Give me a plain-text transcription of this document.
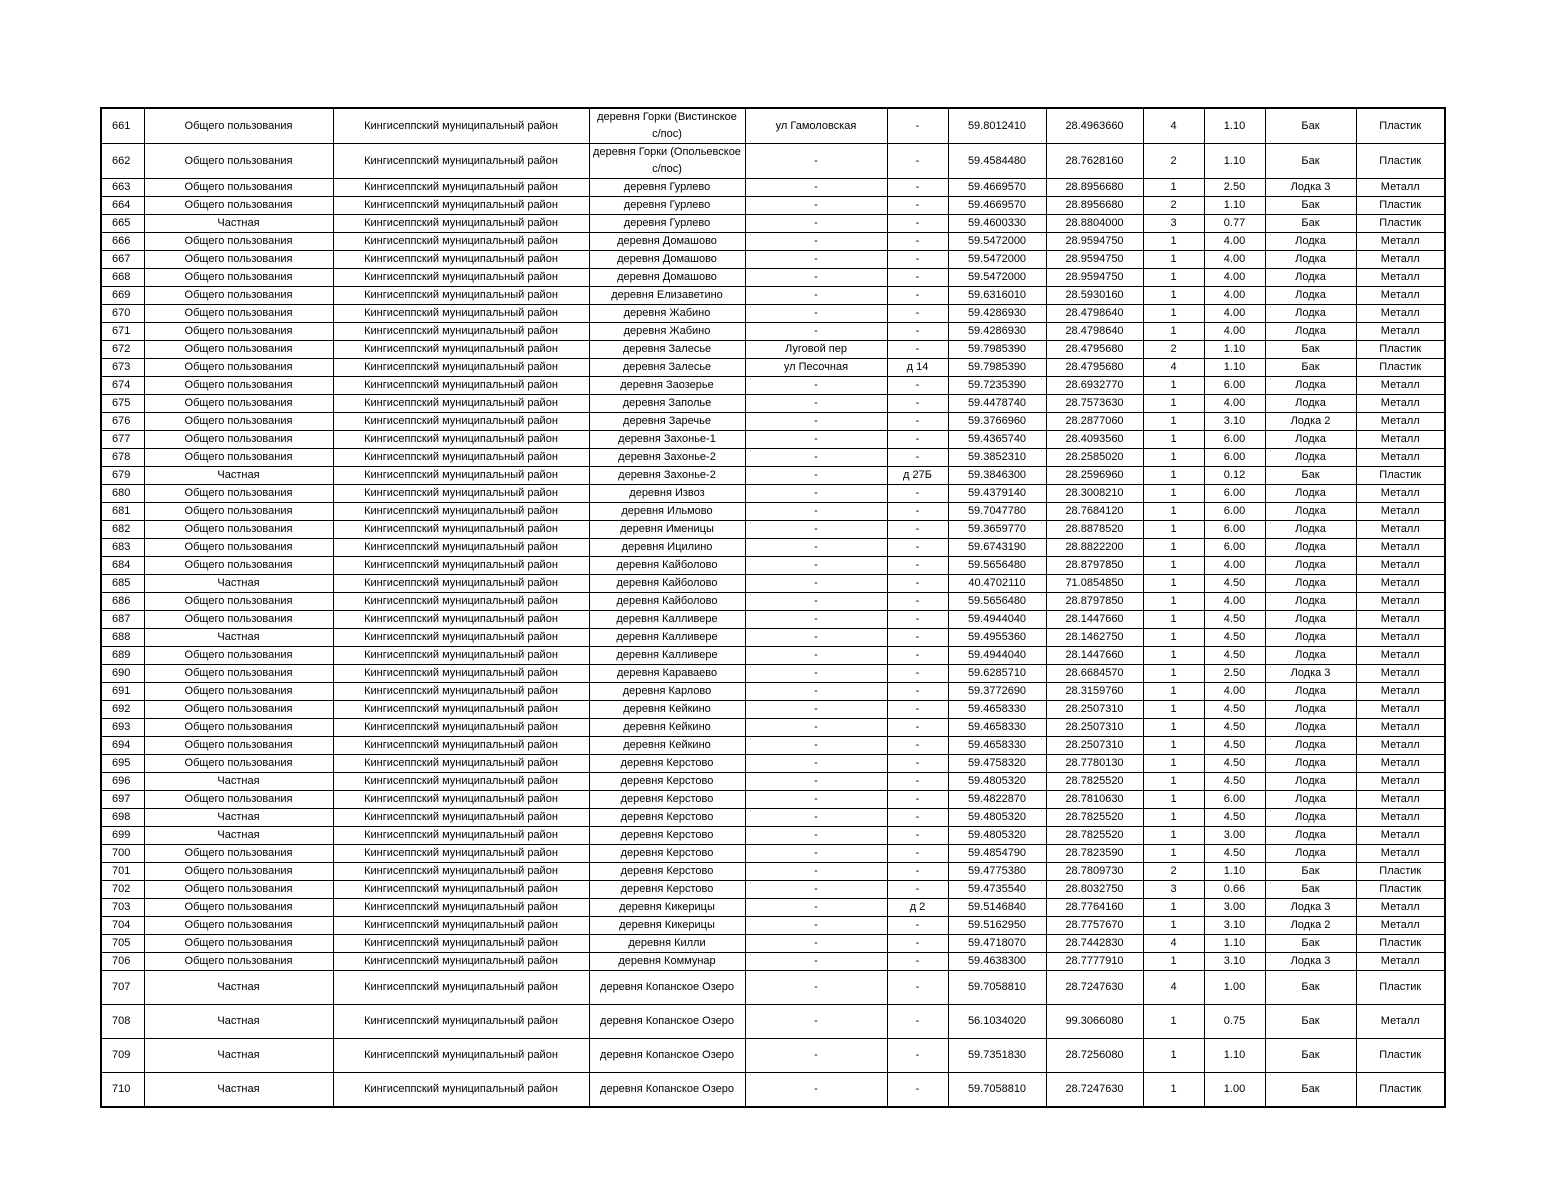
661	Общего пользования	Кингисеппский муниципальный район	деревня Горки (Вистинское с/пос)	ул Гамоловская	-	59.8012410	28.4963660	4	1.10	Бак	Пластик
662	Общего пользования	Кингисеппский муниципальный район	деревня Горки (Опольевское с/пос)	-	-	59.4584480	28.7628160	2	1.10	Бак	Пластик
663	Общего пользования	Кингисеппский муниципальный район	деревня Гурлево	-	-	59.4669570	28.8956680	1	2.50	Лодка 3	Металл
664	Общего пользования	Кингисеппский муниципальный район	деревня Гурлево	-	-	59.4669570	28.8956680	2	1.10	Бак	Пластик
665	Частная	Кингисеппский муниципальный район	деревня Гурлево	-	-	59.4600330	28.8804000	3	0.77	Бак	Пластик
666	Общего пользования	Кингисеппский муниципальный район	деревня Домашово	-	-	59.5472000	28.9594750	1	4.00	Лодка	Металл
667	Общего пользования	Кингисеппский муниципальный район	деревня Домашово	-	-	59.5472000	28.9594750	1	4.00	Лодка	Металл
668	Общего пользования	Кингисеппский муниципальный район	деревня Домашово	-	-	59.5472000	28.9594750	1	4.00	Лодка	Металл
669	Общего пользования	Кингисеппский муниципальный район	деревня Елизаветино	-	-	59.6316010	28.5930160	1	4.00	Лодка	Металл
670	Общего пользования	Кингисеппский муниципальный район	деревня Жабино	-	-	59.4286930	28.4798640	1	4.00	Лодка	Металл
671	Общего пользования	Кингисеппский муниципальный район	деревня Жабино	-	-	59.4286930	28.4798640	1	4.00	Лодка	Металл
672	Общего пользования	Кингисеппский муниципальный район	деревня Залесье	Луговой пер	-	59.7985390	28.4795680	2	1.10	Бак	Пластик
673	Общего пользования	Кингисеппский муниципальный район	деревня Залесье	ул Песочная	д 14	59.7985390	28.4795680	4	1.10	Бак	Пластик
674	Общего пользования	Кингисеппский муниципальный район	деревня Заозерье	-	-	59.7235390	28.6932770	1	6.00	Лодка	Металл
675	Общего пользования	Кингисеппский муниципальный район	деревня Заполье	-	-	59.4478740	28.7573630	1	4.00	Лодка	Металл
676	Общего пользования	Кингисеппский муниципальный район	деревня Заречье	-	-	59.3766960	28.2877060	1	3.10	Лодка 2	Металл
677	Общего пользования	Кингисеппский муниципальный район	деревня Захонье-1	-	-	59.4365740	28.4093560	1	6.00	Лодка	Металл
678	Общего пользования	Кингисеппский муниципальный район	деревня Захонье-2	-	-	59.3852310	28.2585020	1	6.00	Лодка	Металл
679	Частная	Кингисеппский муниципальный район	деревня Захонье-2	-	д 27Б	59.3846300	28.2596960	1	0.12	Бак	Пластик
680	Общего пользования	Кингисеппский муниципальный район	деревня Извоз	-	-	59.4379140	28.3008210	1	6.00	Лодка	Металл
681	Общего пользования	Кингисеппский муниципальный район	деревня Ильмово	-	-	59.7047780	28.7684120	1	6.00	Лодка	Металл
682	Общего пользования	Кингисеппский муниципальный район	деревня Именицы	-	-	59.3659770	28.8878520	1	6.00	Лодка	Металл
683	Общего пользования	Кингисеппский муниципальный район	деревня Ицилино	-	-	59.6743190	28.8822200	1	6.00	Лодка	Металл
684	Общего пользования	Кингисеппский муниципальный район	деревня Кайболово	-	-	59.5656480	28.8797850	1	4.00	Лодка	Металл
685	Частная	Кингисеппский муниципальный район	деревня Кайболово	-	-	40.4702110	71.0854850	1	4.50	Лодка	Металл
686	Общего пользования	Кингисеппский муниципальный район	деревня Кайболово	-	-	59.5656480	28.8797850	1	4.00	Лодка	Металл
687	Общего пользования	Кингисеппский муниципальный район	деревня Калливере	-	-	59.4944040	28.1447660	1	4.50	Лодка	Металл
688	Частная	Кингисеппский муниципальный район	деревня Калливере	-	-	59.4955360	28.1462750	1	4.50	Лодка	Металл
689	Общего пользования	Кингисеппский муниципальный район	деревня Калливере	-	-	59.4944040	28.1447660	1	4.50	Лодка	Металл
690	Общего пользования	Кингисеппский муниципальный район	деревня Караваево	-	-	59.6285710	28.6684570	1	2.50	Лодка 3	Металл
691	Общего пользования	Кингисеппский муниципальный район	деревня Карлово	-	-	59.3772690	28.3159760	1	4.00	Лодка	Металл
692	Общего пользования	Кингисеппский муниципальный район	деревня Кейкино	-	-	59.4658330	28.2507310	1	4.50	Лодка	Металл
693	Общего пользования	Кингисеппский муниципальный район	деревня Кейкино	-	-	59.4658330	28.2507310	1	4.50	Лодка	Металл
694	Общего пользования	Кингисеппский муниципальный район	деревня Кейкино	-	-	59.4658330	28.2507310	1	4.50	Лодка	Металл
695	Общего пользования	Кингисеппский муниципальный район	деревня Керстово	-	-	59.4758320	28.7780130	1	4.50	Лодка	Металл
696	Частная	Кингисеппский муниципальный район	деревня Керстово	-	-	59.4805320	28.7825520	1	4.50	Лодка	Металл
697	Общего пользования	Кингисеппский муниципальный район	деревня Керстово	-	-	59.4822870	28.7810630	1	6.00	Лодка	Металл
698	Частная	Кингисеппский муниципальный район	деревня Керстово	-	-	59.4805320	28.7825520	1	4.50	Лодка	Металл
699	Частная	Кингисеппский муниципальный район	деревня Керстово	-	-	59.4805320	28.7825520	1	3.00	Лодка	Металл
700	Общего пользования	Кингисеппский муниципальный район	деревня Керстово	-	-	59.4854790	28.7823590	1	4.50	Лодка	Металл
701	Общего пользования	Кингисеппский муниципальный район	деревня Керстово	-	-	59.4775380	28.7809730	2	1.10	Бак	Пластик
702	Общего пользования	Кингисеппский муниципальный район	деревня Керстово	-	-	59.4735540	28.8032750	3	0.66	Бак	Пластик
703	Общего пользования	Кингисеппский муниципальный район	деревня Кикерицы	-	д 2	59.5146840	28.7764160	1	3.00	Лодка 3	Металл
704	Общего пользования	Кингисеппский муниципальный район	деревня Кикерицы	-	-	59.5162950	28.7757670	1	3.10	Лодка 2	Металл
705	Общего пользования	Кингисеппский муниципальный район	деревня Килли	-	-	59.4718070	28.7442830	4	1.10	Бак	Пластик
706	Общего пользования	Кингисеппский муниципальный район	деревня Коммунар	-	-	59.4638300	28.7777910	1	3.10	Лодка 3	Металл
707	Частная	Кингисеппский муниципальный район	деревня Копанское Озеро	-	-	59.7058810	28.7247630	4	1.00	Бак	Пластик
708	Частная	Кингисеппский муниципальный район	деревня Копанское Озеро	-	-	56.1034020	99.3066080	1	0.75	Бак	Металл
709	Частная	Кингисеппский муниципальный район	деревня Копанское Озеро	-	-	59.7351830	28.7256080	1	1.10	Бак	Пластик
710	Частная	Кингисеппский муниципальный район	деревня Копанское Озеро	-	-	59.7058810	28.7247630	1	1.00	Бак	Пластик
